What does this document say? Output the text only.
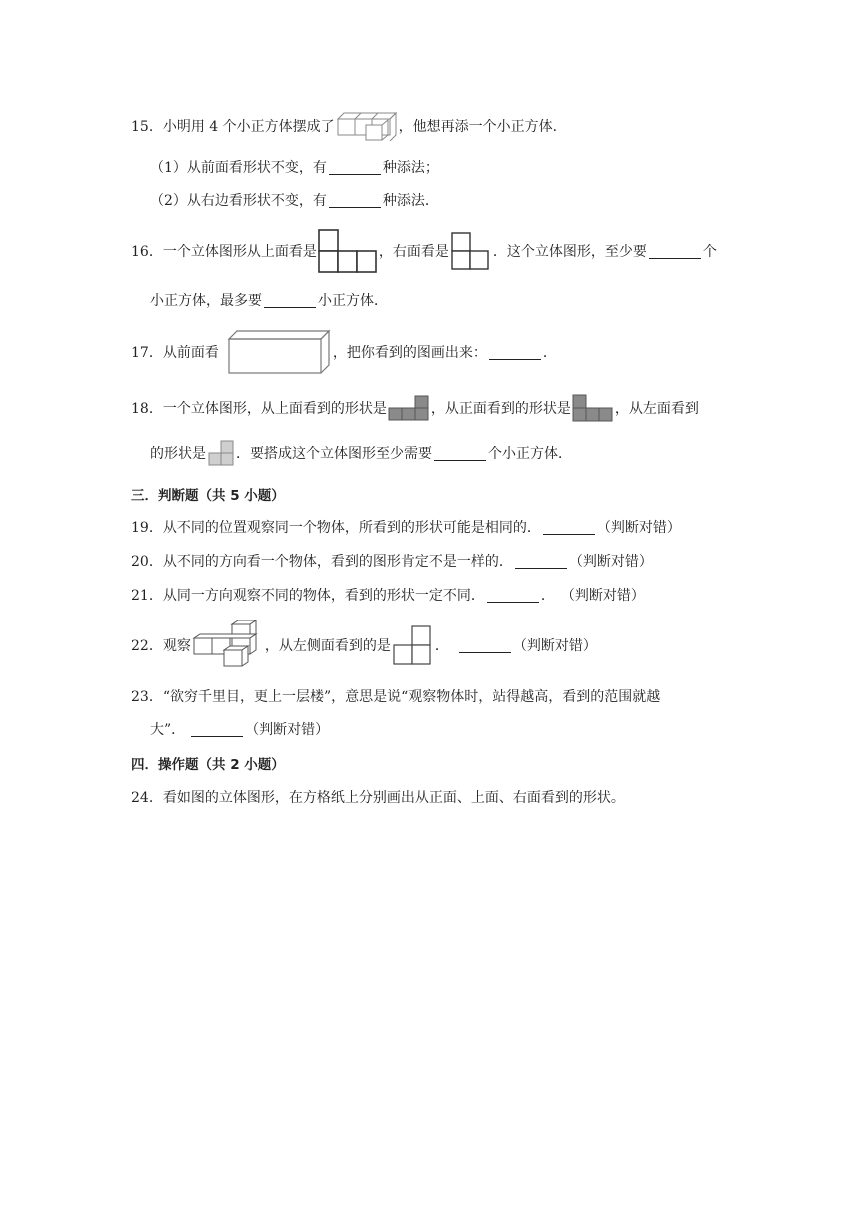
15． 小明用 4 个小正方体摆成了	，他想再添一个小正方体．
（1）从前面看形状不变，有	种添法；
（2）从右边看形状不变，有	种添法．
16． 一个立体图形从上面看是	，右面看是	．这个立体图形，至少要	个
小正方体，最多要	小正方体．
17． 从前面看	，把你看到的图画出来：	．
18． 一个立体图形，从上面看到的形状是	，从正面看到的形状是	，从左面看到
的形状是 ．要搭成这个立体图形至少需要	个小正方体．
三．判断题（共 5 小题）
19． 从不同的位置观察同一个物体，所看到的形状可能是相同的．	（判断对错）
20． 从不同的方向看一个物体，看到的图形肯定不是一样的．	（判断对错）
21． 从同一方向观察不同的物体，看到的形状一定不同．	． （判断对错）
22． 观察	，从左侧面看到的是	．	（判断对错）
23． “欲穷千里目，更上一层楼”，意思是说“观察物体时，站得越高，看到的范围就越
大”．	（判断对错）
四．操作题（共 2 小题）
24． 看如图的立体图形，在方格纸上分别画出从正面、上面、右面看到的形状。
